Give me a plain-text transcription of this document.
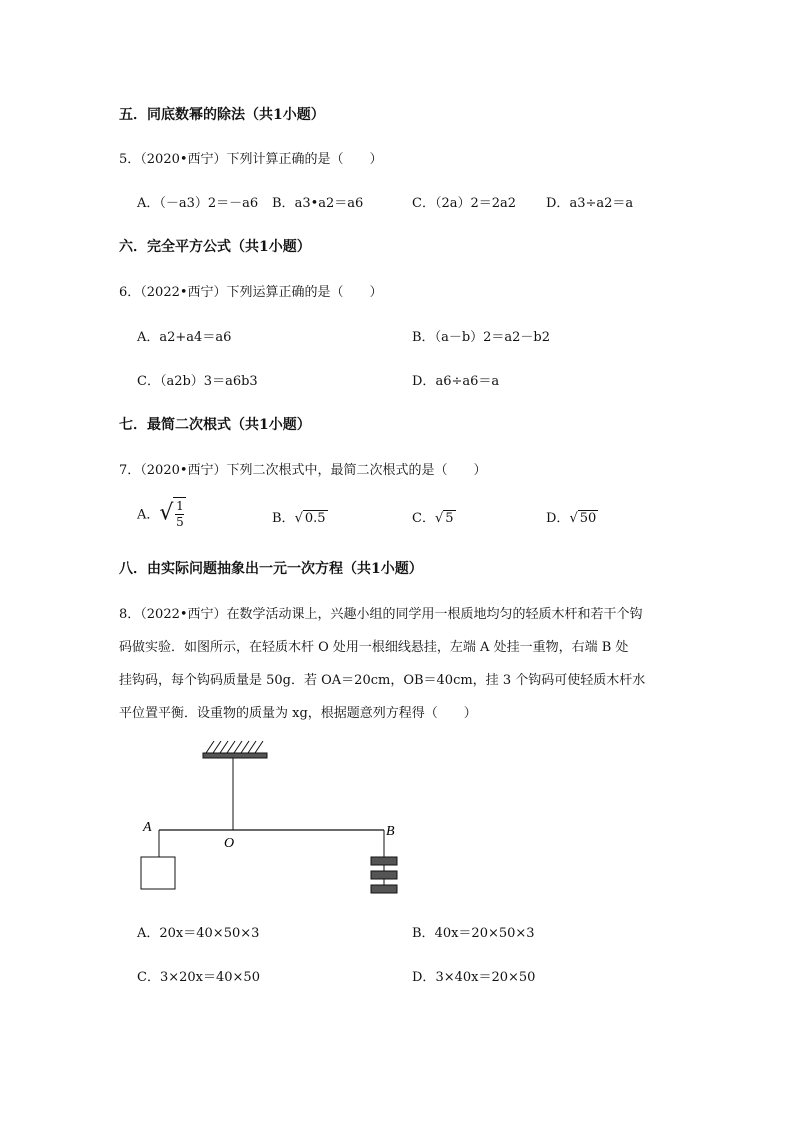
五．同底数幂的除法（共1小题）
5．（2020•西宁）下列计算正确的是（　　）
A．（－a3）2＝－a6 B．a3•a2＝a6	C．（2a）2＝2a2 D．a3÷a2＝a
六．完全平方公式（共1小题）
6．（2022•西宁）下列运算正确的是（　　）
A．a2+a4＝a6	B．（a－b）2＝a2－b2
C．（a2b）3＝a6b3	D．a6÷a6＝a
七．最简二次根式（共1小题）
7．（2020•西宁）下列二次根式中，最简二次根式的是（　　）
A．√ $\frac{1}{5}$	B．√ 0.5	C．√ 5	D．√ 50
八．由实际问题抽象出一元一次方程（共1小题）
8．（2022•西宁）在数学活动课上，兴趣小组的同学用一根质地均匀的轻质木杆和若干个钩
码做实验．如图所示，在轻质木杆 O 处用一根细线悬挂，左端 A 处挂一重物，右端 B 处
挂钩码，每个钩码质量是 50g．若 OA＝20cm，OB＝40cm，挂 3 个钩码可使轻质木杆水
平位置平衡．设重物的质量为 xg，根据题意列方程得（　　）
A
O
B
A．20x＝40×50×3	B．40x＝20×50×3
C．3×20x＝40×50	D．3×40x＝20×50
